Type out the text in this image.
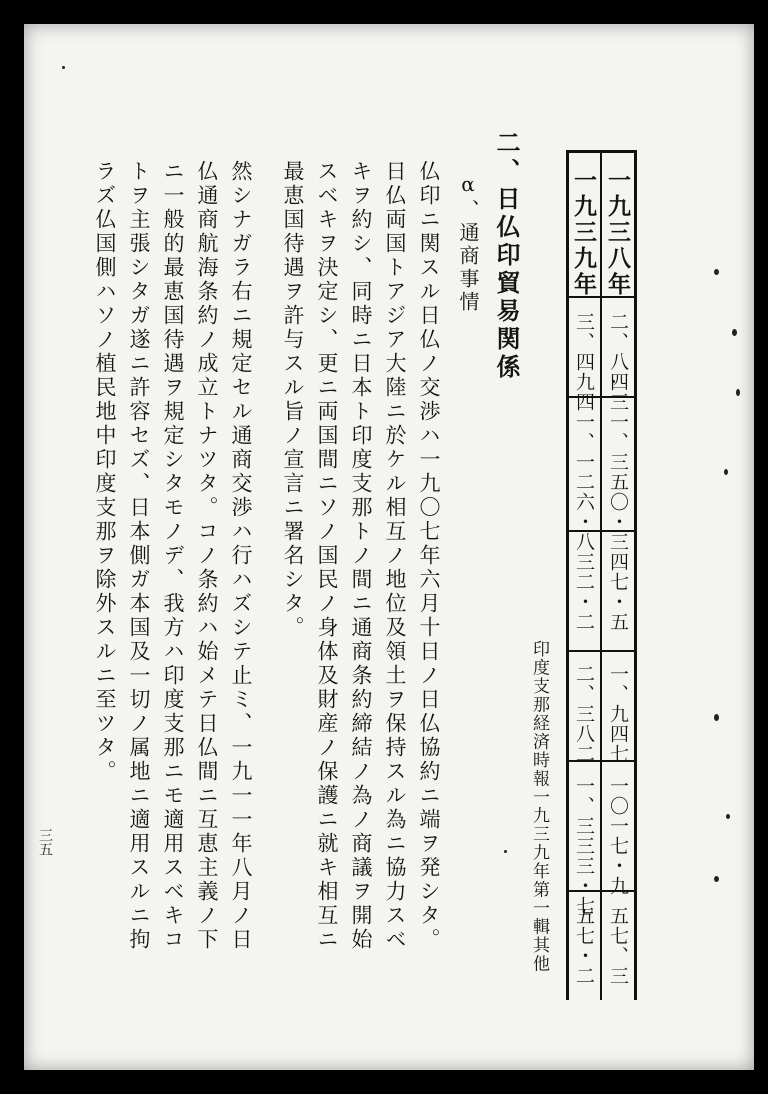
二、日仏印貿易関係
α、通商事情
仏印ニ関スル日仏ノ交渉ハ一九〇七年六月十日ノ日仏協約ニ端ヲ発シタ。
日仏両国トアジア大陸ニ於ケル相互ノ地位及領土ヲ保持スル為ニ協力スベ
キヲ約シ、同時ニ日本ト印度支那トノ間ニ通商条約締結ノ為ノ商議ヲ開始
スベキヲ決定シ、更ニ両国間ニソノ国民ノ身体及財産ノ保護ニ就キ相互ニ
最恵国待遇ヲ許与スル旨ノ宣言ニ署名シタ。
然シナガラ右ニ規定セル通商交渉ハ行ハズシテ止ミ、一九一一年八月ノ日
仏通商航海条約ノ成立トナツタ。コノ条約ハ始メテ日仏間ニ互恵主義ノ下
ニ一般的最恵国待遇ヲ規定シタモノデ、我方ハ印度支那ニモ適用スベキコ
トヲ主張シタガ遂ニ許容セズ、日本側ガ本国及一切ノ属地ニ適用スルニ拘
ラズ仏国側ハソノ植民地中印度支那ヲ除外スルニ至ツタ。	一九三八年
一九三九年
二、八四三
三、四九四
一、三五〇・三
一、一二六・八
四七・五
三二・二
一、九四七
二、三八二
一〇一七・九
一、三三三・七
五七、三
五七・二
印度支那経済時報一九三九年第一輯其他
三五
